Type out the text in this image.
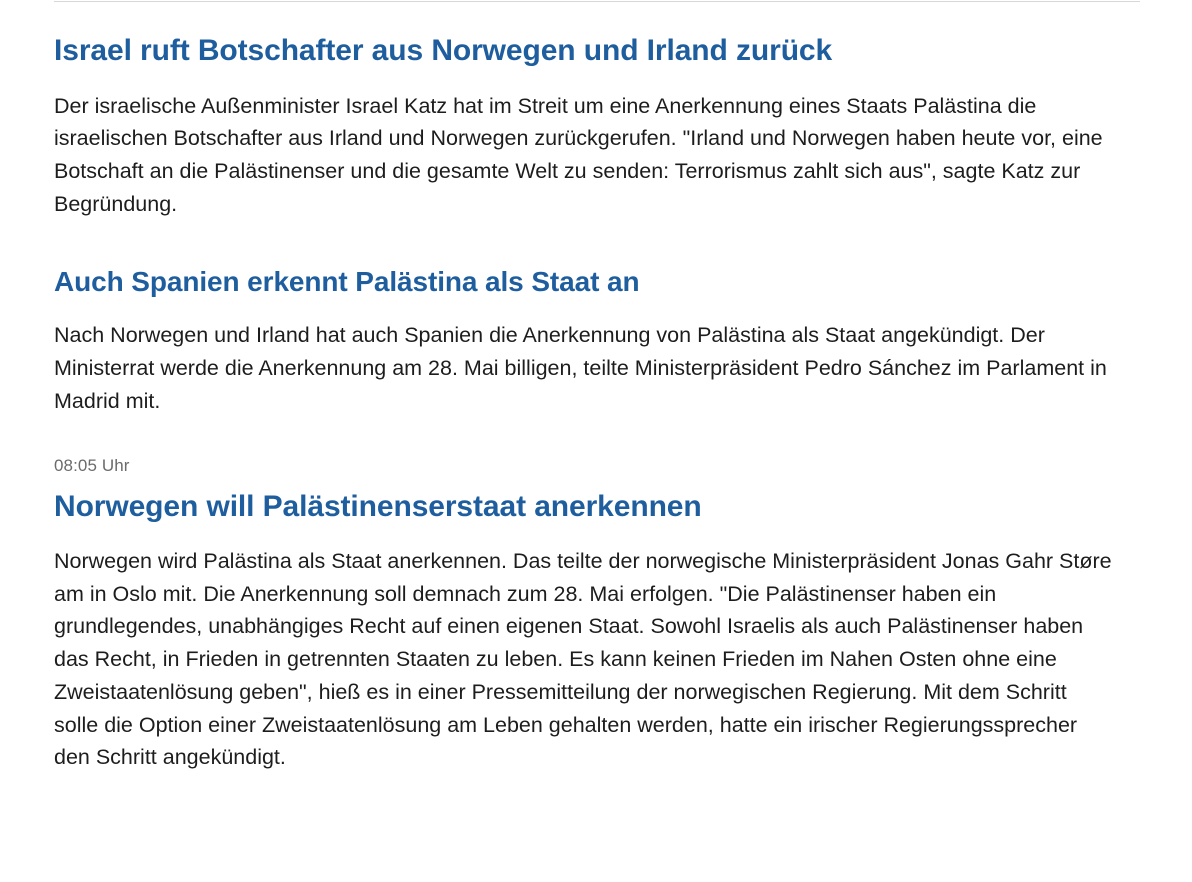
Israel ruft Botschafter aus Norwegen und Irland zurück

Der israelische Außenminister Israel Katz hat im Streit um eine Anerkennung eines Staats Palästina die israelischen Botschafter aus Irland und Norwegen zurückgerufen. "Irland und Norwegen haben heute vor, eine Botschaft an die Palästinenser und die gesamte Welt zu senden: Terrorismus zahlt sich aus", sagte Katz zur Begründung.

Auch Spanien erkennt Palästina als Staat an

Nach Norwegen und Irland hat auch Spanien die Anerkennung von Palästina als Staat angekündigt. Der Ministerrat werde die Anerkennung am 28. Mai billigen, teilte Ministerpräsident Pedro Sánchez im Parlament in Madrid mit.

08:05 Uhr
Norwegen will Palästinenserstaat anerkennen

Norwegen wird Palästina als Staat anerkennen. Das teilte der norwegische Ministerpräsident Jonas Gahr Støre am in Oslo mit. Die Anerkennung soll demnach zum 28. Mai erfolgen. "Die Palästinenser haben ein grundlegendes, unabhängiges Recht auf einen eigenen Staat. Sowohl Israelis als auch Palästinenser haben das Recht, in Frieden in getrennten Staaten zu leben. Es kann keinen Frieden im Nahen Osten ohne eine Zweistaatenlösung geben", hieß es in einer Pressemitteilung der norwegischen Regierung. Mit dem Schritt solle die Option einer Zweistaatenlösung am Leben gehalten werden, hatte ein irischer Regierungssprecher den Schritt angekündigt.
